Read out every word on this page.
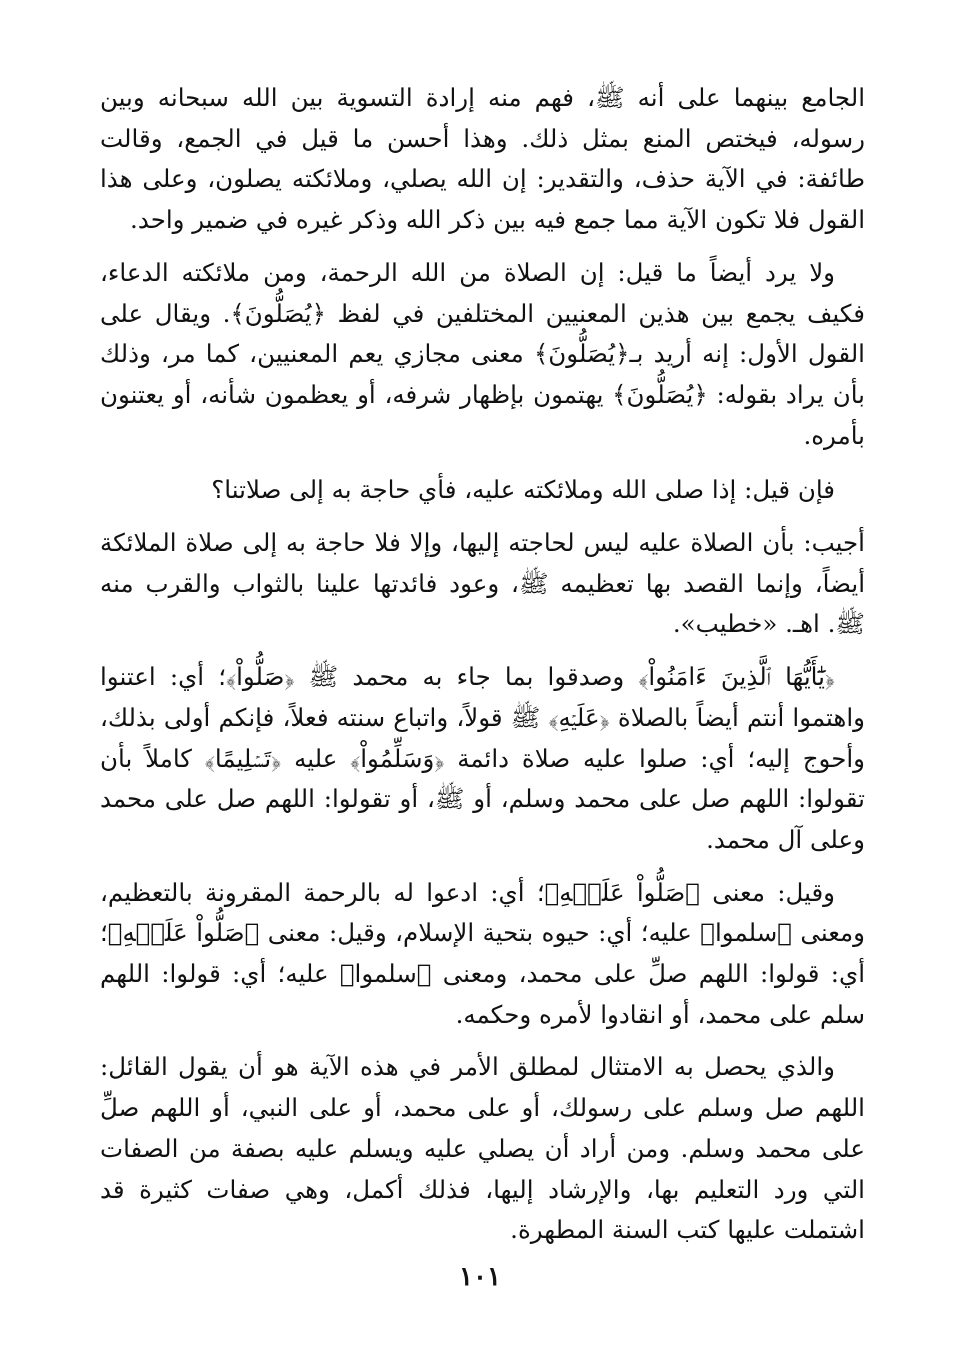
الجامع بينهما على أنه ﷺ، فهم منه إرادة التسوية بين الله سبحانه وبين رسوله، فيختص المنع بمثل ذلك. وهذا أحسن ما قيل في الجمع، وقالت طائفة: في الآية حذف، والتقدير: إن الله يصلي، وملائكته يصلون، وعلى هذا القول فلا تكون الآية مما جمع فيه بين ذكر الله وذكر غيره في ضمير واحد.

ولا يرد أيضاً ما قيل: إن الصلاة من الله الرحمة، ومن ملائكته الدعاء، فكيف يجمع بين هذين المعنيين المختلفين في لفظ ﴿يُصَلُّونَ﴾. ويقال على القول الأول: إنه أريد بـ﴿يُصَلُّونَ﴾ معنى مجازي يعم المعنيين، كما مر، وذلك بأن يراد بقوله: ﴿يُصَلُّونَ﴾ يهتمون بإظهار شرفه، أو يعظمون شأنه، أو يعتنون بأمره.

فإن قيل: إذا صلى الله وملائكته عليه، فأي حاجة به إلى صلاتنا؟

أجيب: بأن الصلاة عليه ليس لحاجته إليها، وإلا فلا حاجة به إلى صلاة الملائكة أيضاً، وإنما القصد بها تعظيمه ﷺ، وعود فائدتها علينا بالثواب والقرب منه ﷺ. اهـ. «خطيب».

﴿يَٰٓأَيُّهَا ٱلَّذِينَ ءَامَنُواْ﴾ وصدقوا بما جاء به محمد ﷺ ﴿صَلُّواْ﴾؛ أي: اعتنوا واهتموا أنتم أيضاً بالصلاة ﴿عَلَيۡهِ﴾ ﷺ قولاً، واتباع سنته فعلاً، فإنكم أولى بذلك، وأحوج إليه؛ أي: صلوا عليه صلاة دائمة ﴿وَسَلِّمُواْ﴾ عليه ﴿تَسۡلِيمًا﴾ كاملاً بأن تقولوا: اللهم صل على محمد وسلم، أو ﷺ، أو تقولوا: اللهم صل على محمد وعلى آل محمد.

وقيل: معنى ﴿صَلُّواْ عَلَيۡهِ﴾؛ أي: ادعوا له بالرحمة المقرونة بالتعظيم، ومعنى ﴿سلموا﴾ عليه؛ أي: حيوه بتحية الإسلام، وقيل: معنى ﴿صَلُّواْ عَلَيۡهِ﴾؛ أي: قولوا: اللهم صلِّ على محمد، ومعنى ﴿سلموا﴾ عليه؛ أي: قولوا: اللهم سلم على محمد، أو انقادوا لأمره وحكمه.

والذي يحصل به الامتثال لمطلق الأمر في هذه الآية هو أن يقول القائل: اللهم صل وسلم على رسولك، أو على محمد، أو على النبي، أو اللهم صلِّ على محمد وسلم. ومن أراد أن يصلي عليه ويسلم عليه بصفة من الصفات التي ورد التعليم بها، والإرشاد إليها، فذلك أكمل، وهي صفات كثيرة قد اشتملت عليها كتب السنة المطهرة.

١٠١
